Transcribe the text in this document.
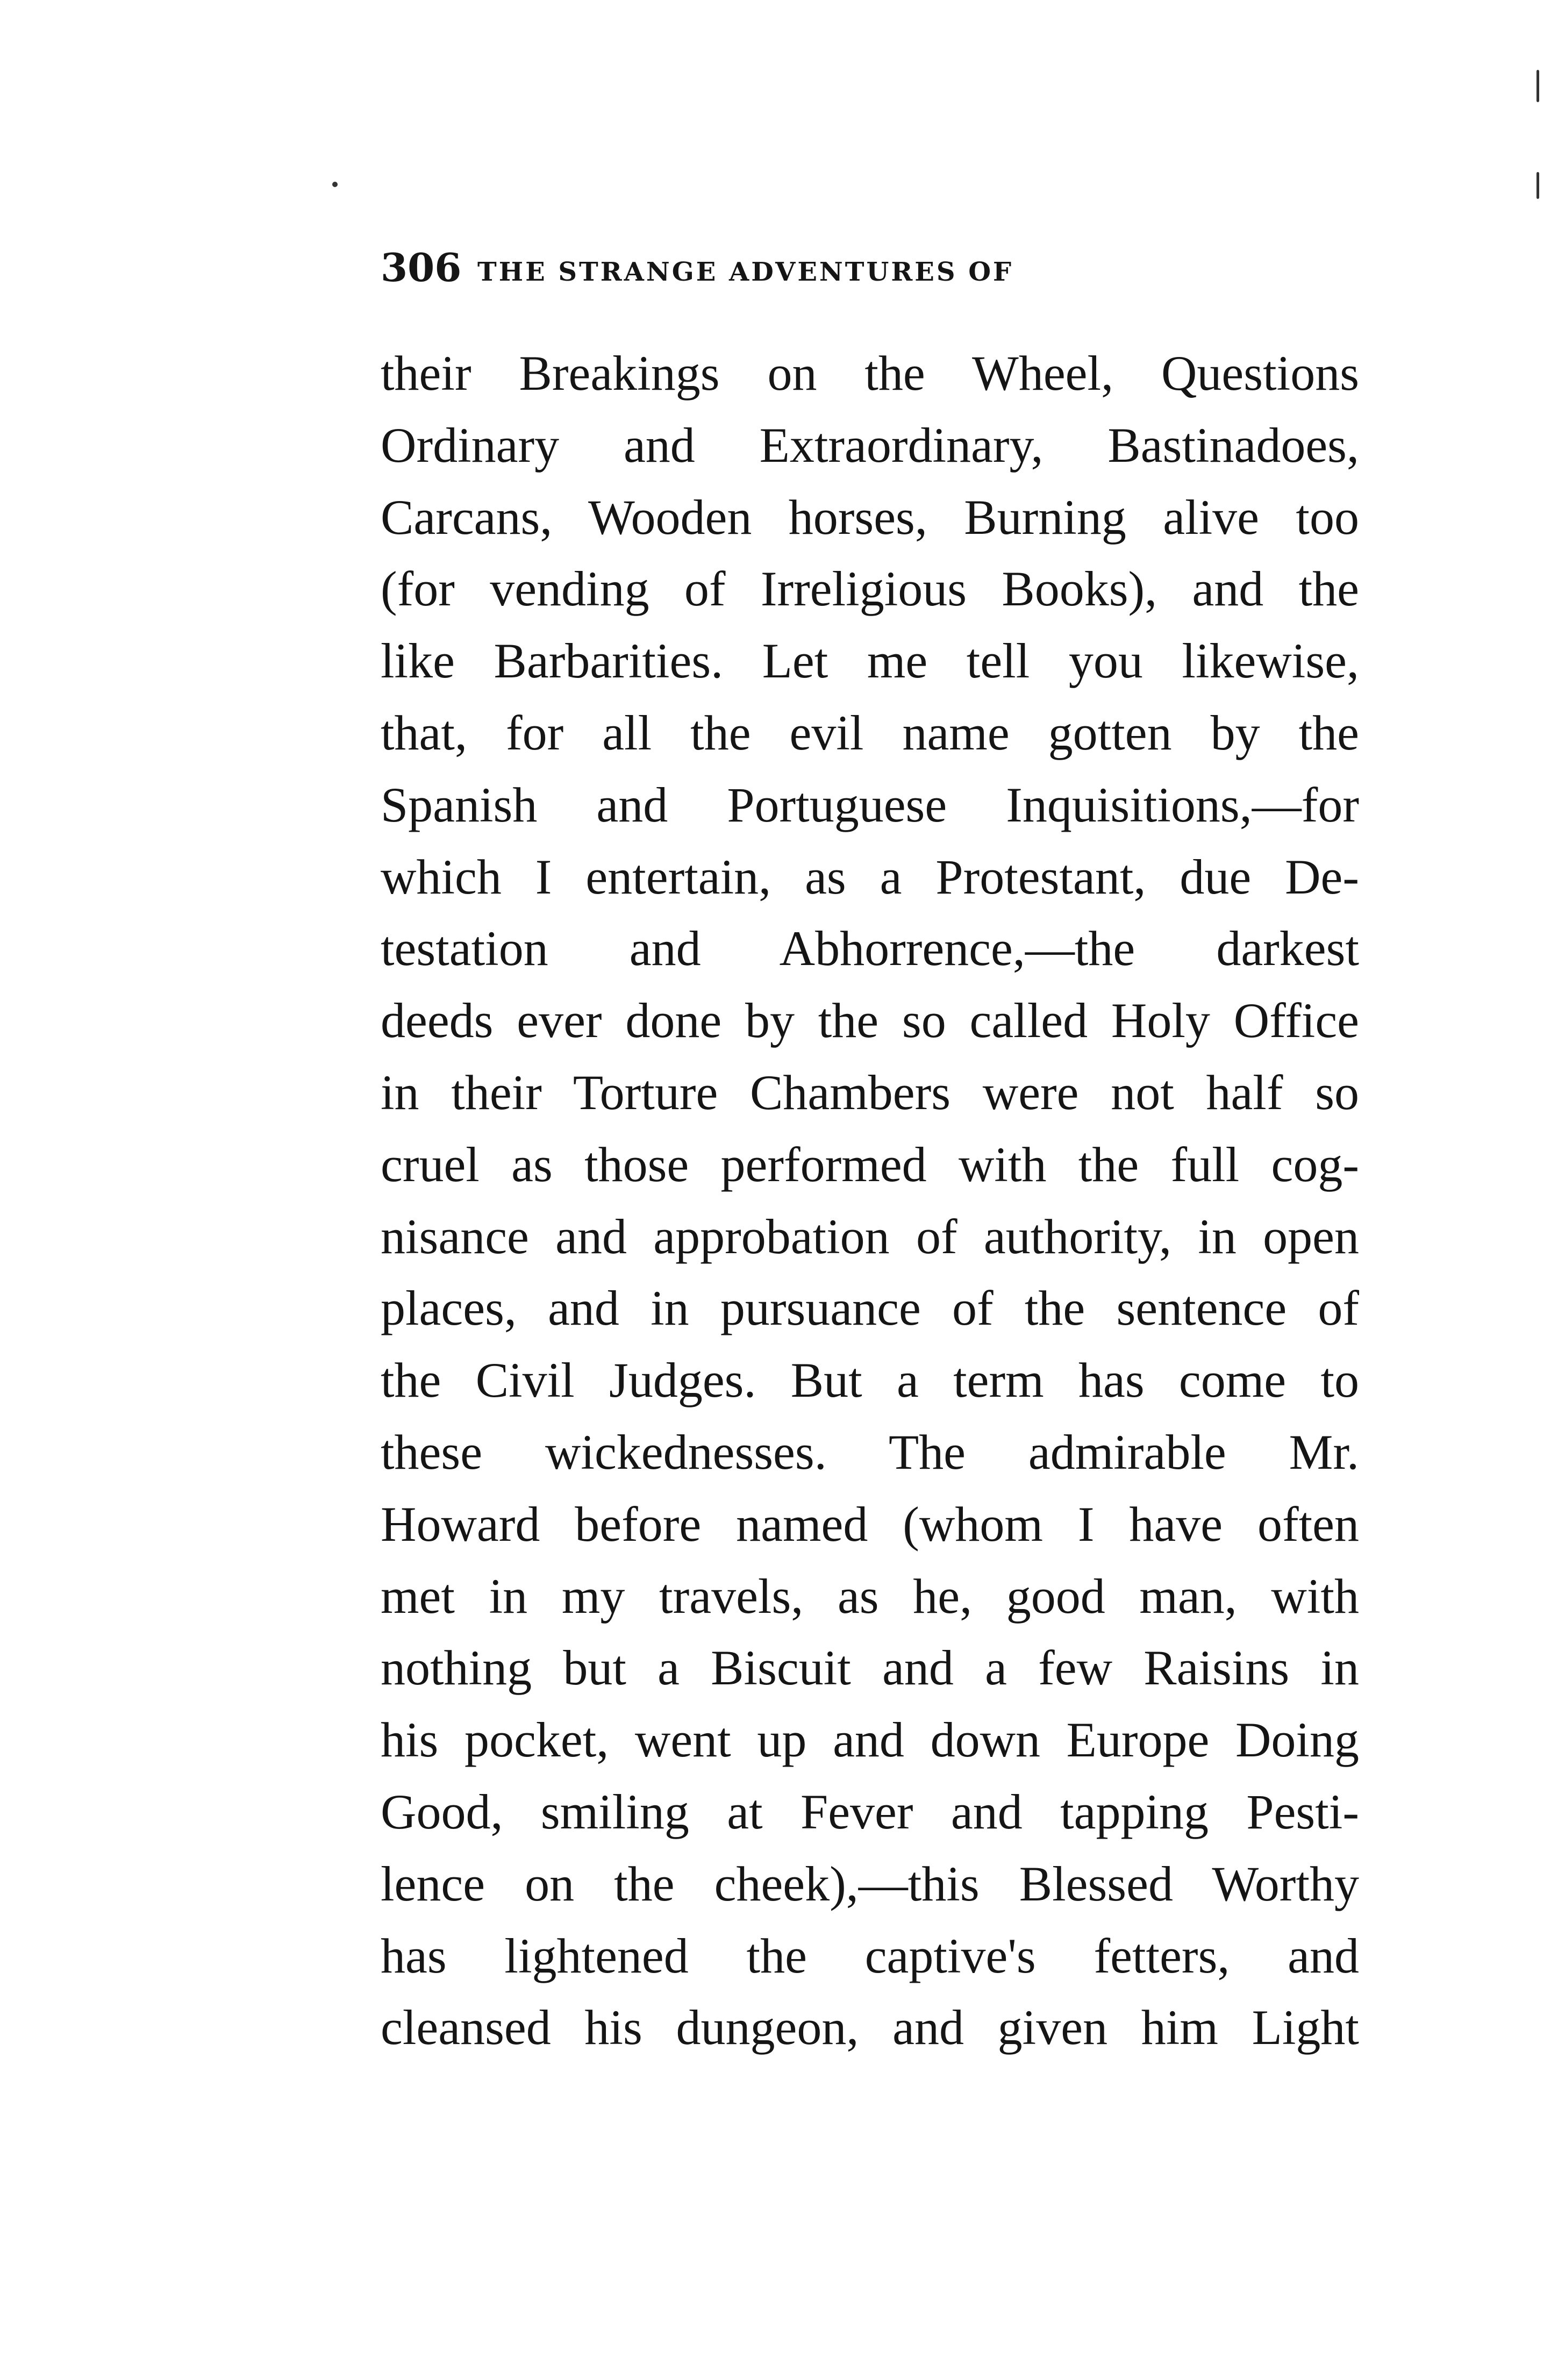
306 THE STRANGE ADVENTURES OF
their Breakings on the Wheel, Questions
Ordinary and Extraordinary, Bastinadoes,
Carcans, Wooden horses, Burning alive too
(for vending of Irreligious Books), and the
like Barbarities. Let me tell you likewise,
that, for all the evil name gotten by the
Spanish and Portuguese Inquisitions,—for
which I entertain, as a Protestant, due De-
testation and Abhorrence,—the darkest
deeds ever done by the so called Holy Office
in their Torture Chambers were not half so
cruel as those performed with the full cog-
nisance and approbation of authority, in open
places, and in pursuance of the sentence of
the Civil Judges. But a term has come to
these wickednesses. The admirable Mr.
Howard before named (whom I have often
met in my travels, as he, good man, with
nothing but a Biscuit and a few Raisins in
his pocket, went up and down Europe Doing
Good, smiling at Fever and tapping Pesti-
lence on the cheek),—this Blessed Worthy
has lightened the captive's fetters, and
cleansed his dungeon, and given him Light
